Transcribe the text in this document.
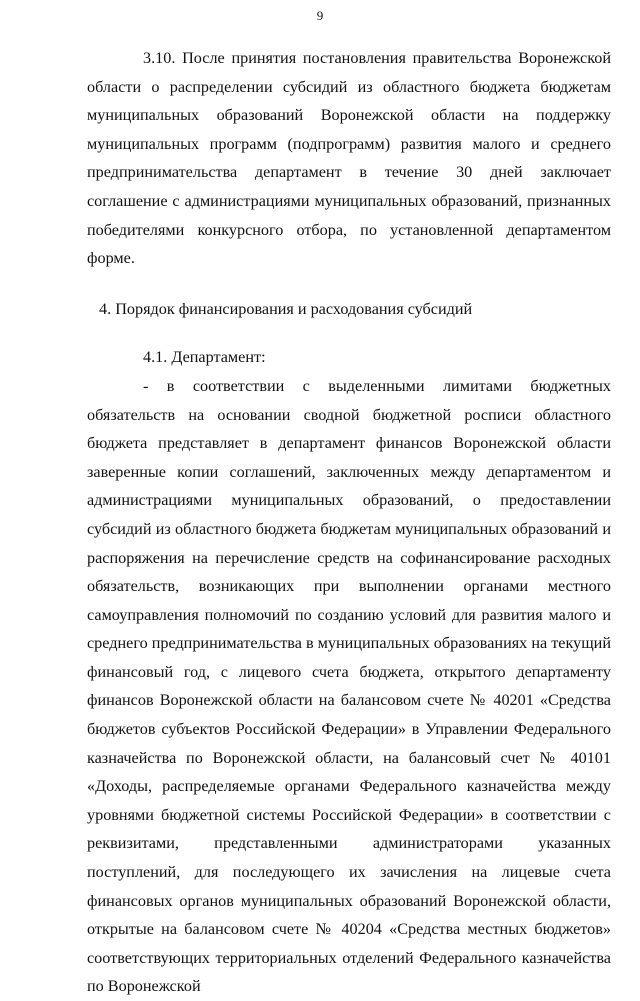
9

3.10. После принятия постановления правительства Воронежской области о распределении субсидий из областного бюджета бюджетам муниципальных образований Воронежской области на поддержку муниципальных программ (подпрограмм) развития малого и среднего предпринимательства департамент в течение 30 дней заключает соглашение с администрациями муниципальных образований, признанных победителями конкурсного отбора, по установленной департаментом форме.

4. Порядок финансирования и расходования субсидий

4.1. Департамент:

- в соответствии с выделенными лимитами бюджетных обязательств на основании сводной бюджетной росписи областного бюджета представляет в департамент финансов Воронежской области заверенные копии соглашений, заключенных между департаментом и администрациями муниципальных образований, о предоставлении субсидий из областного бюджета бюджетам муниципальных образований и распоряжения на перечисление средств на софинансирование расходных обязательств, возникающих при выполнении органами местного самоуправления полномочий по созданию условий для развития малого и среднего предпринимательства в муниципальных образованиях на текущий финансовый год, с лицевого счета бюджета, открытого департаменту финансов Воронежской области на балансовом счете № 40201 «Средства бюджетов субъектов Российской Федерации» в Управлении Федерального казначейства по Воронежской области, на балансовый счет № 40101 «Доходы, распределяемые органами Федерального казначейства между уровнями бюджетной системы Российской Федерации» в соответствии с реквизитами, представленными администраторами указанных поступлений, для последующего их зачисления на лицевые счета финансовых органов муниципальных образований Воронежской области, открытые на балансовом счете № 40204 «Средства местных бюджетов» соответствующих территориальных отделений Федерального казначейства по Воронежской
